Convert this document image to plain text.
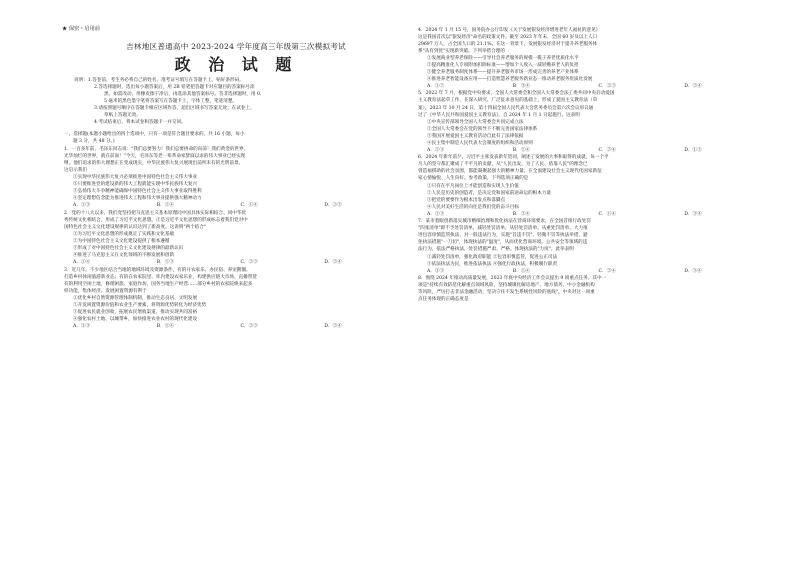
★ 保密・启用前
吉林地区普通高中 2023-2024 学年度高三年级第三次模拟考试
政 治 试 题
说明：1.答卷前，考生务必将自己的姓名、准考证号填写在答题卡上，贴好条形码。
2.答选择题时，选出每小题答案后，用 2B 铅笔把答题卡对应题目的答案标号涂
黑。如需改动，用橡皮擦干净后，再选涂其他答案标号。答非选择题时，用 0.
5 毫米的黑色墨字笔将答案写在答题卡上，字体工整，笔迹清楚。
3.请按照题号顺序在答题卡相应区域作答，超出区域书写答案无效；在试卷上、
草纸上答题无效。
4.考试结束后，将本试卷和答题卡一并交回。
一、选择题(本题小题给出的四个选项中，只有一项是符合题目要求的。共 16 小题，每小
题 3 分，共 48 分。)
1．一百多年前，毛泽东同志说："我们总要努力！我们总要拼命的向前！我们黄金的世界，
光华灿烂的世界，就在前面！"今天，毛泽东等老一辈革命家梦寐以求的伟大事业已经实现
继，他们追求的伟大理想正在变成现实，中华民族伟大复兴展现出前所未有的光明前景。
这启示我们
①实现中华民族伟大复兴必须推进中国特色社会主义伟大事业
②只要推进党的建设新的伟大工程就能实现中华民族伟大复兴
③弘扬伟大斗争精神能确保中国特色社会主义伟大事业取得胜利
④坚定理想信念能为推进伟大工程和伟大事业提供强大精神动力
A．①③	B．②④	C．①④	D．②③
2．党的十八大以来，我们党坚持把马克思主义基本原理同中国具体实际相结合、同中华优
秀传统文化相结合，形成了习近平文化思想。正是习近平文化思想的形成标志着我们党对中
国特色社会主义文化建设规律的认识达到了新高度。这说明"两个结合"
①为习近平文化思想的形成奠定了实践和文化基础
②为中国特色社会主义文化建设提供了根本遵循
③形成了对中国特色社会主义文化建设规律的最新认识
④推进了马克思主义在文化领域的不断发展和创新
A．①④	B．①③	C．②③	D．②④
3．近几年，不少地区结合当地的地域环境及资源条件，有的开农家乐、办民宿、养宠鹅圈，
打造乡村休闲旅游新业态；有的在农家院里、库内建设农家乐业，构建供应链大市场、直播带货
有的利用空闲土地，修理闲旅、家庭作坊，国务当地生产经营……部分乡村的农家院焕来起多
样功能，集体经济。发展闲置资源有利于
①优化乡村自然资源管理体制机制，推动生态良居、文明发展
②开发闲置资源价值和农业生产要素，将资源优势转化为经济优势
③促进农民就业创收，拓展农民增收渠道，推动实现共同富裕
④强化农村土地、以城带乡，加快推进农业农村的现代化建设
A．①③	B．①④	C．②③	D．②④
4．2024 年 1 月 15 号，国务院办公厅印发《关于发展银发经济增进老年人福祉的意见》
这是我国首次以"银发经济"命名的政策文件。截至 2023 年年末，全国 60 岁及以上人口
29697 万人，占全国人口的 21.1%。在这一背景下，发展银发经济对于提升养老服务体
系"从有到优"实现新突破。下列举措合理的
①发展商业型养老保险——引导社会养老服务的规模一揽子养老优质化水平
②提高精准化人专项附加扣除标准——增加个人收入一减轻赡养老人的负担
③健全养老服务制度体系——提升养老服务市场一形成完善的养老产业体系
④推进养老智能设备应用——打造智慧养老服务新业态一推动养老服务优质化发展
A．①②	B．③④	C．②③	D．②④
5．2022 年 7 月，根据党中央要求，全国人大常委会和全国人大常委会法工委共同中央启动爱国
主义教育法起草工作，在深入研究、广泛征求意见的基础上，形成了爱国主义教育法（草
案）。2023 年 10 月 24 日，第十四届全国人民代表大会常务委员会第六次会议审议通
过了《中华人民共和国爱国主义教育法》，自 2024 年 1 月 1 日起施行。这表明
①中央宣传部领导全国人大常委会共同完成立法
②全国人大常委会在党的领导下不断完善国家法律体系
③我国开展爱国主义教育活动自此有了法律依据
④民主集中制是人民代表大会制度的组织和活动原则
A．②③	B．①④	C．②④	D．①③
6．2024 年新年前夕，习近平主席发表新年贺词，阐述了发展的大事和取得的成就，每一个平
凡人的坚守都汇聚成了不平凡的贡献，从"人民出发、为了人民、依靠人民"的理念已
曾造福援助的社会氛围，都能凝聚起强大的精神力量，在全面建设社会主义现代化国家新征
家心情愉悦、人生向好。参考政策，下列选项正确的是
①只有在平凡岗位上才能创造和实现人生价值
②人民是历史的创造者，是决定党和国家前途命运的根本力量
③把党的要要作为根本出发点和落脚点
④人民对美好生活的向往是我们党的奋斗目标
A．①③	B．②④	C．①④	D．③④
7．某市着眼创新落实城市精细治理和优化执法在营商环境要求，在全国首推行政处罚
"四张清单"即不予处罚清单、减轻处罚清单、从轻处罚清单、从重处罚清单。大力推
进包容审慎监管执法，对一般违法行为，实施"首违不罚"、轻微不罚等执法举措，避
免执法措施"一刀切"，体现执法的"温度"，从而优化营商环境。公共安全等领域的违
法行为，依法严格执法，处罚措施严肃、严格。体现执法的"力度"。此举表明
①减轻处罚清单，强化政府职能 ②包容审慎监管，促进公正司法
③依法执法为民，推进依法执法 ④强化行政执法，积极履行职责
A．①③	B．①④	C．②④	D．③④
8．围绕 2024 年推动高质量发展，2023 年底中央经济工作会议提出 9 项重点任务。其中一
项是"持续有效防范化解重点领域风险，坚持城镇化解房地产、地方债务、中小金融机构
等风险，严厉打击非法金融活动，坚决守住不发生系统性风险的底线"。中央对这一项重
点任务体现的正确态度是
